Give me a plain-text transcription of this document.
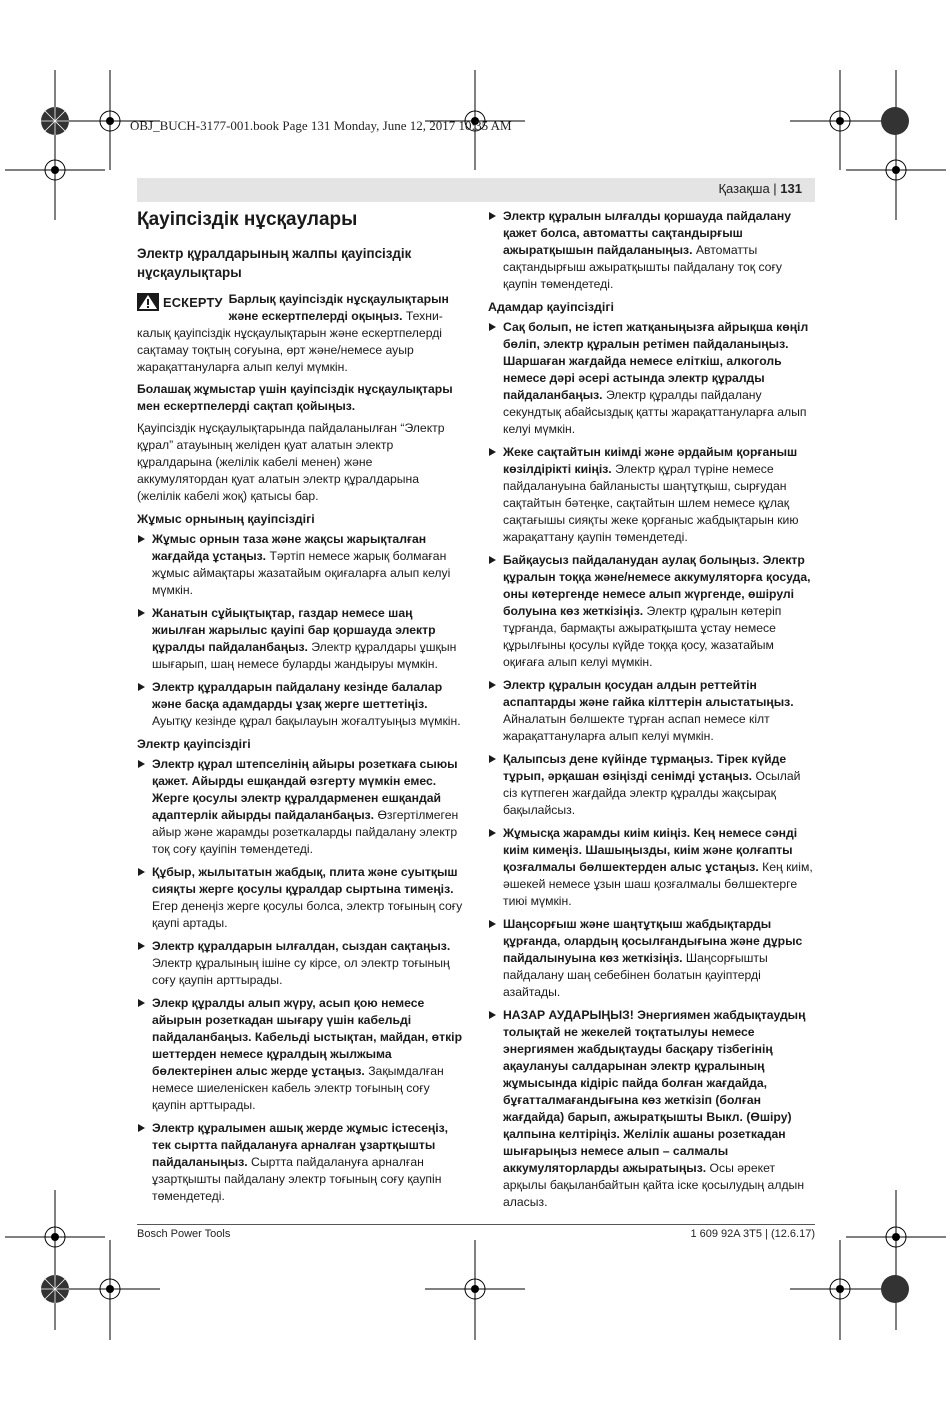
OBJ_BUCH-3177-001.book Page 131 Monday, June 12, 2017 10:35 AM
Қазақша | 131
Қауіпсіздік нұсқаулары
Электр құралдарының жалпы қауіпсіздік нұсқаулықтары

ЕСКЕРТУ Барлық қауіпсіздік нұсқаулықтарын және ескертпелерді оқыңыз. Техникалық қауіпсіздік нұсқаулықтарын және ескертпелерді сақтамау тоқтың соғуына, өрт және/немесе ауыр жарақаттануларға алып келуі мүмкін.

Болашақ жұмыстар үшін қауіпсіздік нұсқаулықтары мен ескертпелерді сақтап қойыңыз.

Қауіпсіздік нұсқаулықтарында пайдаланылған “Электр құрал” атауының желіден қуат алатын электр құралдарына (желілік кабелі менен) және аккумулятордан қуат алатын электр құралдарына (желілік кабелі жоқ) қатысы бар.

Жұмыс орнының қауіпсіздігі
Жұмыс орнын таза және жақсы жарықталған жағдайда ұстаңыз. Тәртіп немесе жарық болмаған жұмыс аймақтары жазатайым оқиғаларға алып келуі мүмкін.
Жанатын сұйықтықтар, газдар немесе шаң жиылған жарылыс қауіпі бар қоршауда электр құралды пайдаланбаңыз. Электр құралдары ұшқын шығарып, шаң немесе буларды жандыруы мүмкін.
Электр құралдарын пайдалану кезінде балалар және басқа адамдарды ұзақ жерге шеттетіңіз. Ауытқу кезінде құрал бақылауын жоғалтуыңыз мүмкін.
Электр қауіпсіздігі
Электр құрал штепселінің айыры розеткаға сыюы қажет. Айырды ешқандай өзгерту мүмкін емес. Жерге қосулы электр құралдарменен ешқандай адаптерлік айырды пайдаланбаңыз. Өзгертілмеген айыр және жарамды розеткаларды пайдалану электр тоқ соғу қауіпін төмендетеді.
Құбыр, жылытатын жабдық, плита және суытқыш сияқты жерге қосулы құралдар сыртына тимеңіз. Егер денеңіз жерге қосулы болса, электр тоғының соғу қаупі артады.
Электр құралдарын ылғалдан, сыздан сақтаңыз. Электр құралының ішіне су кірсе, ол электр тоғының соғу қаупін арттырады.
Элекр құралды алып жүру, асып қою немесе айырын розеткадан шығару үшін кабельді пайдаланбаңыз. Кабельді ыстықтан, майдан, өткір шеттерден немесе құралдың жылжыма бөлектерінен алыс жерде ұстаңыз. Зақымдалған немесе шиеленіскен кабель электр тоғының соғу қаупін арттырады.
Электр құралымен ашық жерде жұмыс істесеңіз, тек сыртта пайдалануға арналған ұзартқышты пайдаланыңыз. Сыртта пайдалануға арналған ұзартқышты пайдалану электр тоғының соғу қаупін төмендетеді.
Электр құралын ылғалды қоршауда пайдалану қажет болса, автоматты сақтандырғыш ажыратқышын пайдаланыңыз. Автоматты сақтандырғыш ажыратқышты пайдалану тоқ соғу қаупін төмендетеді.
Адамдар қауіпсіздігі
Сақ болып, не істеп жатқаныңызға айрықша көңіл бөліп, электр құралын ретімен пайдаланыңыз. Шаршаған жағдайда немесе еліткіш, алкоголь немесе дәрі әсері астында электр құралды пайдаланбаңыз. Электр құралды пайдалану секундтық абайсыздық қатты жарақаттануларға алып келуі мүмкін.
Жеке сақтайтын киімді және әрдайым қорғаныш көзілдірікті киіңіз. Электр құрал түріне немесе пайдалануына байланысты шаңтұтқыш, сырғудан сақтайтын бәтеңке, сақтайтын шлем немесе құлақ сақтағышы сияқты жеке қорғаныс жабдықтарын кию жарақаттану қаупін төмендетеді.
Байқаусыз пайдаланудан аулақ болыңыз. Электр құралын тоққа және/немесе аккумуляторға қосуда, оны көтергенде немесе алып жүргенде, өшірулі болуына көз жеткізіңіз. Электр құралын көтеріп тұрғанда, бармақты ажыратқышта ұстау немесе құрылғыны қосулы күйде тоққа қосу, жазатайым оқиғаға алып келуі мүмкін.
Электр құралын қосудан алдын реттейтін аспаптарды және гайка кілттерін алыстатыңыз. Айналатын бөлшекте тұрған аспап немесе кілт жарақаттануларға алып келуі мүмкін.
Қалыпсыз дене күйінде тұрмаңыз. Тірек күйде тұрып, әрқашан өзіңізді сенімді ұстаңыз. Осылай сіз күтпеген жағдайда электр құралды жақсырақ бақылайсыз.
Жұмысқа жарамды киім киіңіз. Кең немесе сәнді киім кимеңіз. Шашыңызды, киім және қолғапты қозғалмалы бөлшектерден алыс ұстаңыз. Кең киім, әшекей немесе ұзын шаш қозғалмалы бөлшектерге тиюі мүмкін.
Шаңсорғыш және шаңтұтқыш жабдықтарды құрғанда, олардың қосылғандығына және дұрыс пайдалынуына көз жеткізіңіз. Шаңсорғышты пайдалану шаң себебінен болатын қауіптерді азайтады.
НАЗАР АУДАРЫҢЫЗ! Энергиямен жабдықтаудың толықтай не жекелей тоқтатылуы немесе энергиямен жабдықтауды басқару тізбегінің ақаулануы салдарынан электр құралының жұмысында кідіріс пайда болған жағдайда, бұғатталмағандығына көз жеткізіп (болған жағдайда) барып, ажыратқышты Выкл. (Өшіру) қалпына келтіріңіз. Желілік ашаны розеткадан шығарыңыз немесе алып – салмалы аккумуляторларды ажыратыңыз. Осы әрекет арқылы бақыланбайтын қайта іске қосылудың алдын аласыз.
Bosch Power Tools	1 609 92A 3T5 | (12.6.17)
